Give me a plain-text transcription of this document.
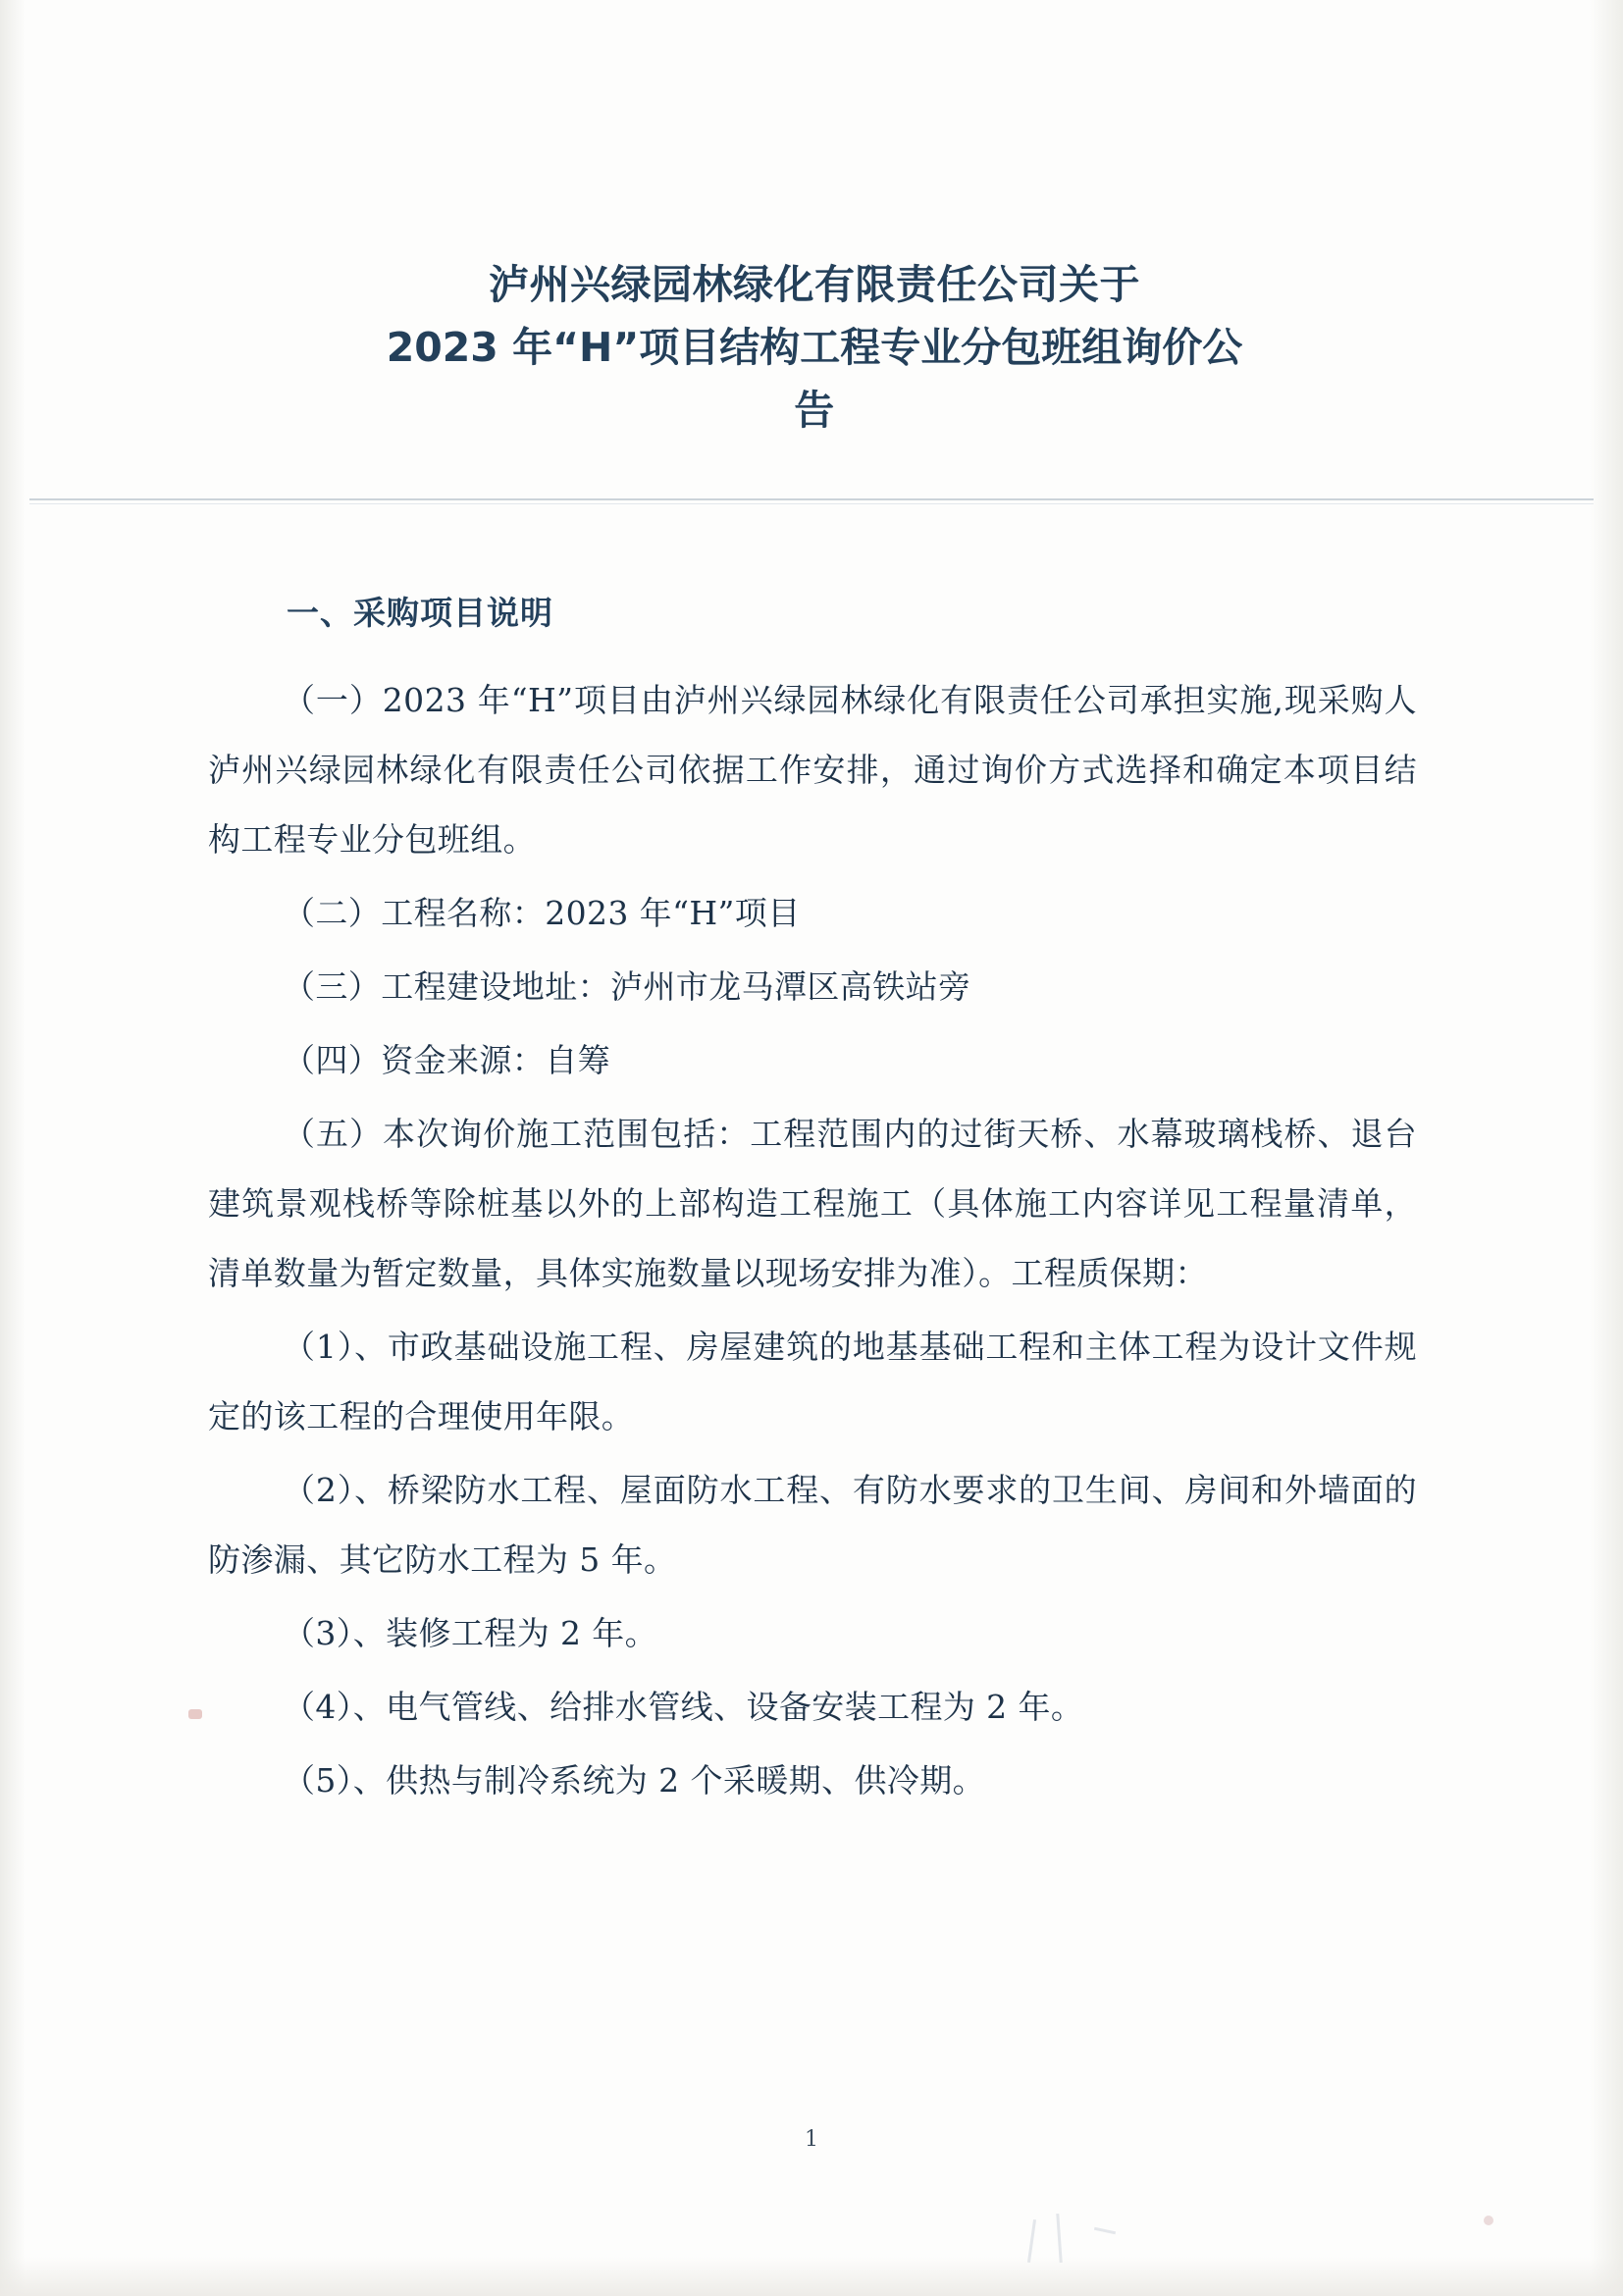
泸州兴绿园林绿化有限责任公司关于
2023 年“H”项目结构工程专业分包班组询价公
告
一、采购项目说明

（一）2023 年“H”项目由泸州兴绿园林绿化有限责任公司承担实施,现采购人泸州兴绿园林绿化有限责任公司依据工作安排，通过询价方式选择和确定本项目结构工程专业分包班组。

（二）工程名称：2023 年“H”项目

（三）工程建设地址：泸州市龙马潭区高铁站旁

（四）资金来源：自筹

（五）本次询价施工范围包括：工程范围内的过街天桥、水幕玻璃栈桥、退台建筑景观栈桥等除桩基以外的上部构造工程施工（具体施工内容详见工程量清单，清单数量为暂定数量，具体实施数量以现场安排为准）。工程质保期：

（1）、市政基础设施工程、房屋建筑的地基基础工程和主体工程为设计文件规定的该工程的合理使用年限。

（2）、桥梁防水工程、屋面防水工程、有防水要求的卫生间、房间和外墙面的防渗漏、其它防水工程为 5 年。

（3）、装修工程为 2 年。

（4）、电气管线、给排水管线、设备安装工程为 2 年。

（5）、供热与制冷系统为 2 个采暖期、供冷期。

1
